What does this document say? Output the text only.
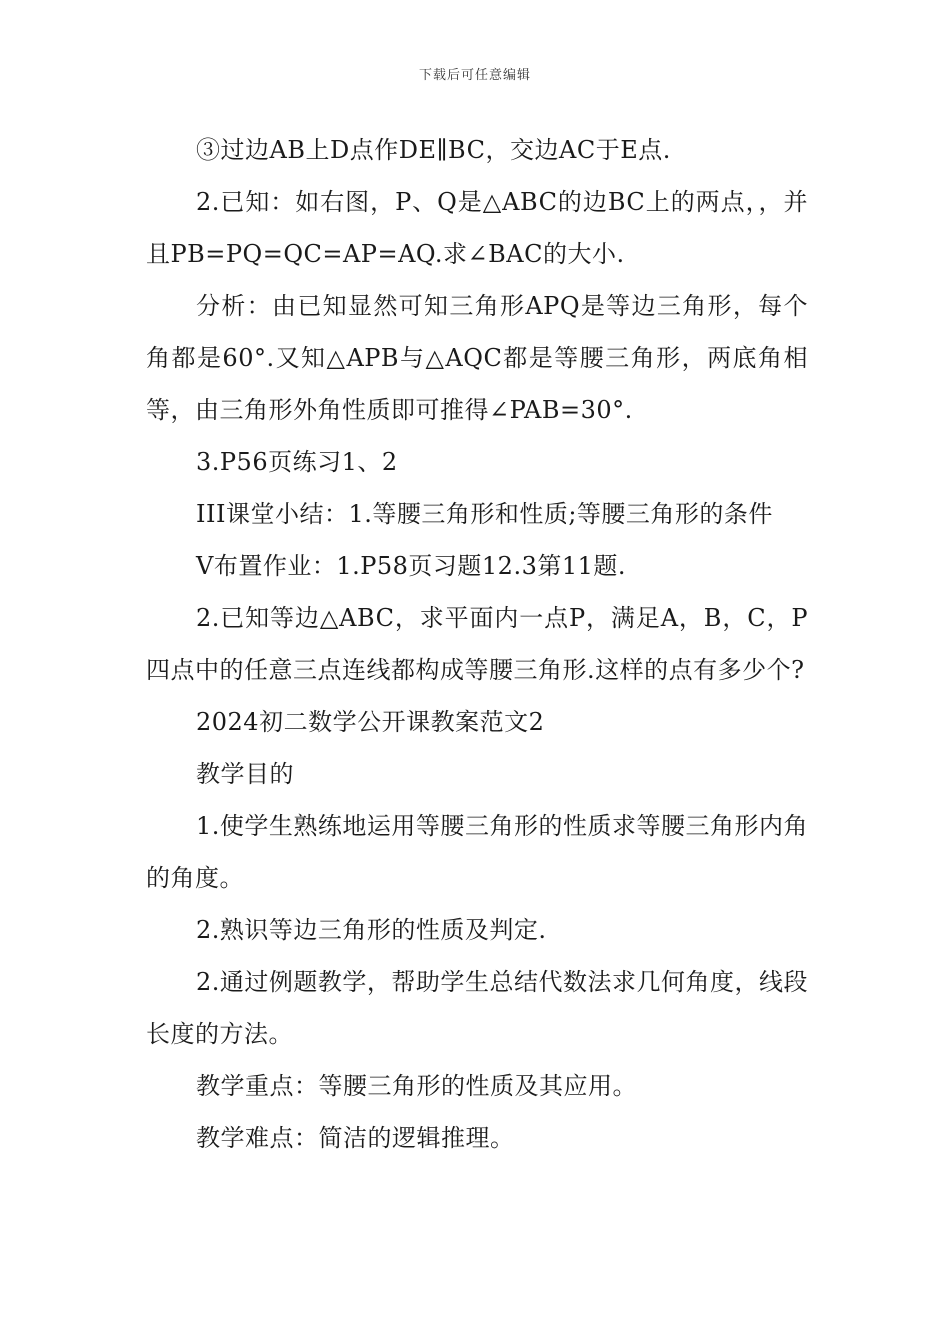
下载后可任意编辑

③过边AB上D点作DE∥BC，交边AC于E点.

2.已知：如右图，P、Q是△ABC的边BC上的两点，，并且PB=PQ=QC=AP=AQ.求∠BAC的大小.

分析：由已知显然可知三角形APQ是等边三角形，每个角都是60°.又知△APB与△AQC都是等腰三角形，两底角相等，由三角形外角性质即可推得∠PAB=30°.

3.P56页练习1、2

III课堂小结：1.等腰三角形和性质;等腰三角形的条件

V布置作业：1.P58页习题12.3第11题.

2.已知等边△ABC，求平面内一点P，满足A，B，C，P四点中的任意三点连线都构成等腰三角形.这样的点有多少个?

2024初二数学公开课教案范文2

教学目的

1.使学生熟练地运用等腰三角形的性质求等腰三角形内角的角度。

2.熟识等边三角形的性质及判定.

2.通过例题教学，帮助学生总结代数法求几何角度，线段长度的方法。

教学重点：等腰三角形的性质及其应用。

教学难点：简洁的逻辑推理。
